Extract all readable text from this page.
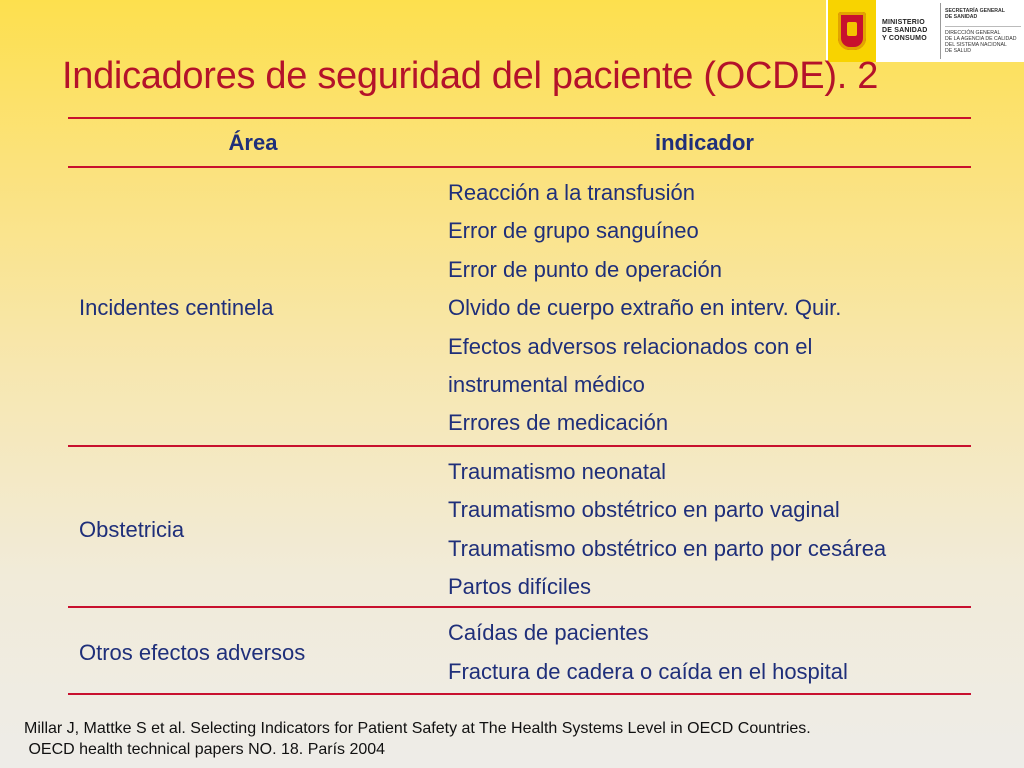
MINISTERIO
DE SANIDAD
Y CONSUMO
SECRETARÍA GENERAL
DE SANIDAD
DIRECCIÓN GENERAL
DE LA AGENCIA DE CALIDAD
DEL SISTEMA NACIONAL
DE SALUD
Indicadores de seguridad del paciente (OCDE). 2
Área	indicador
Incidentes centinela
Reacción a la transfusión
Error de grupo sanguíneo
Error de punto de operación
Olvido de cuerpo extraño en interv. Quir.
Efectos adversos relacionados con el
instrumental médico
Errores de medicación
Obstetricia
Traumatismo neonatal
Traumatismo obstétrico en parto vaginal
Traumatismo obstétrico en parto por cesárea
Partos difíciles
Otros efectos adversos
Caídas de pacientes
Fractura de cadera o caída en el hospital
Millar J, Mattke S et al. Selecting Indicators for Patient Safety at The Health Systems Level in OECD Countries.
OECD health technical papers NO. 18. París 2004
